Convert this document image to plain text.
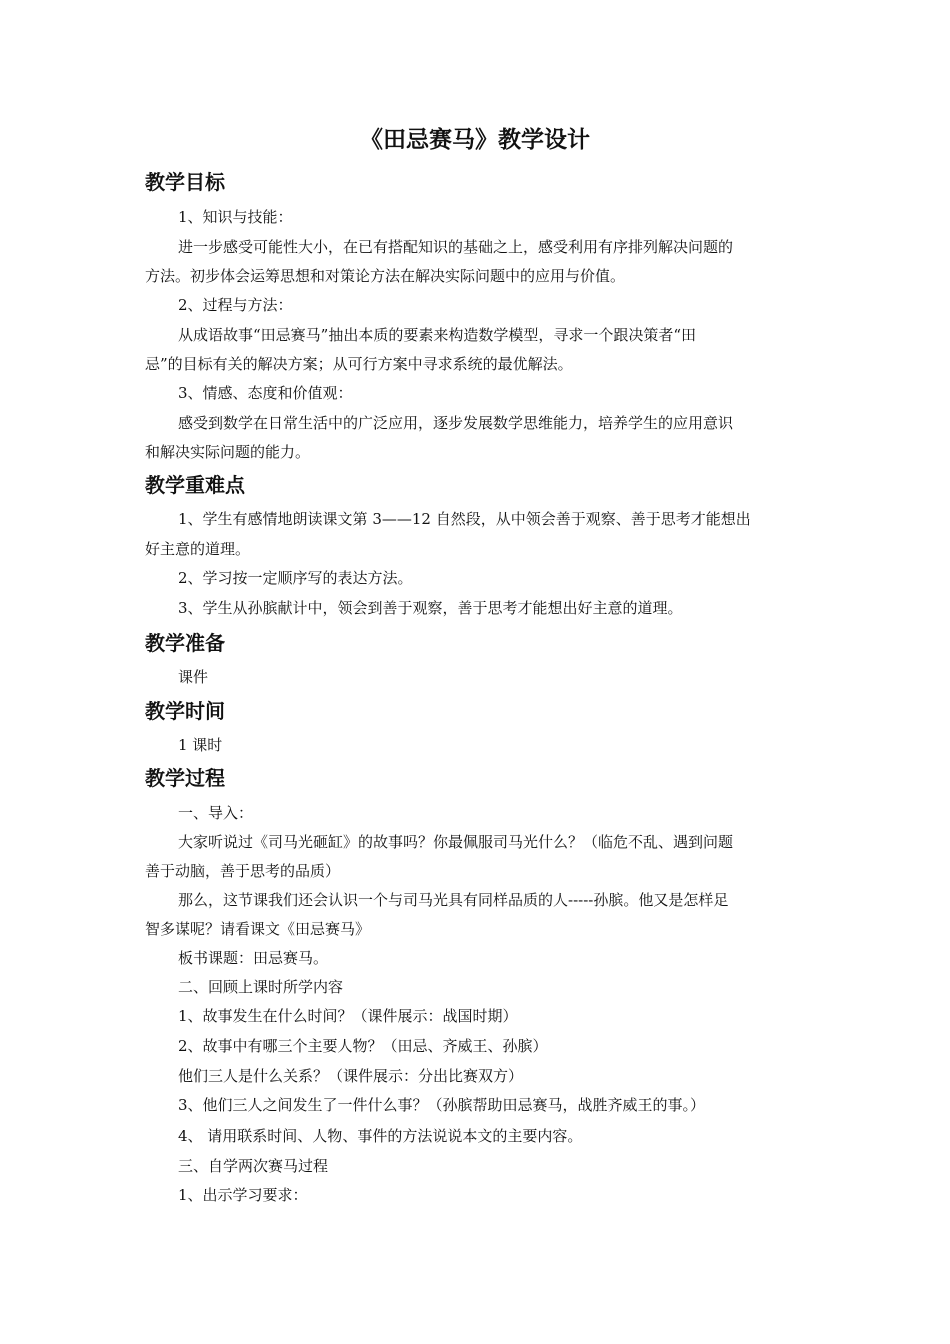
《田忌赛马》教学设计
教学目标
1、知识与技能：
进一步感受可能性大小，在已有搭配知识的基础之上，感受利用有序排列解决问题的
方法。初步体会运筹思想和对策论方法在解决实际问题中的应用与价值。
2、过程与方法：
从成语故事“田忌赛马”抽出本质的要素来构造数学模型，寻求一个跟决策者“田
忌”的目标有关的解决方案；从可行方案中寻求系统的最优解法。
3、情感、态度和价值观：
感受到数学在日常生活中的广泛应用，逐步发展数学思维能力，培养学生的应用意识
和解决实际问题的能力。
教学重难点
1、学生有感情地朗读课文第 3——12 自然段，从中领会善于观察、善于思考才能想出
好主意的道理。
2、学习按一定顺序写的表达方法。
3、学生从孙膑献计中，领会到善于观察，善于思考才能想出好主意的道理。
教学准备
课件
教学时间
1 课时
教学过程
一、导入：
大家听说过《司马光砸缸》的故事吗？你最佩服司马光什么？（临危不乱、遇到问题
善于动脑，善于思考的品质）
那么，这节课我们还会认识一个与司马光具有同样品质的人-----孙膑。他又是怎样足
智多谋呢？请看课文《田忌赛马》
板书课题：田忌赛马。
二、回顾上课时所学内容
1、故事发生在什么时间？（课件展示：战国时期）
2、故事中有哪三个主要人物？（田忌、齐威王、孙膑）
他们三人是什么关系？（课件展示：分出比赛双方）
3、他们三人之间发生了一件什么事？（孙膑帮助田忌赛马，战胜齐威王的事。）
4、 请用联系时间、人物、事件的方法说说本文的主要内容。
三、自学两次赛马过程
1、出示学习要求：
